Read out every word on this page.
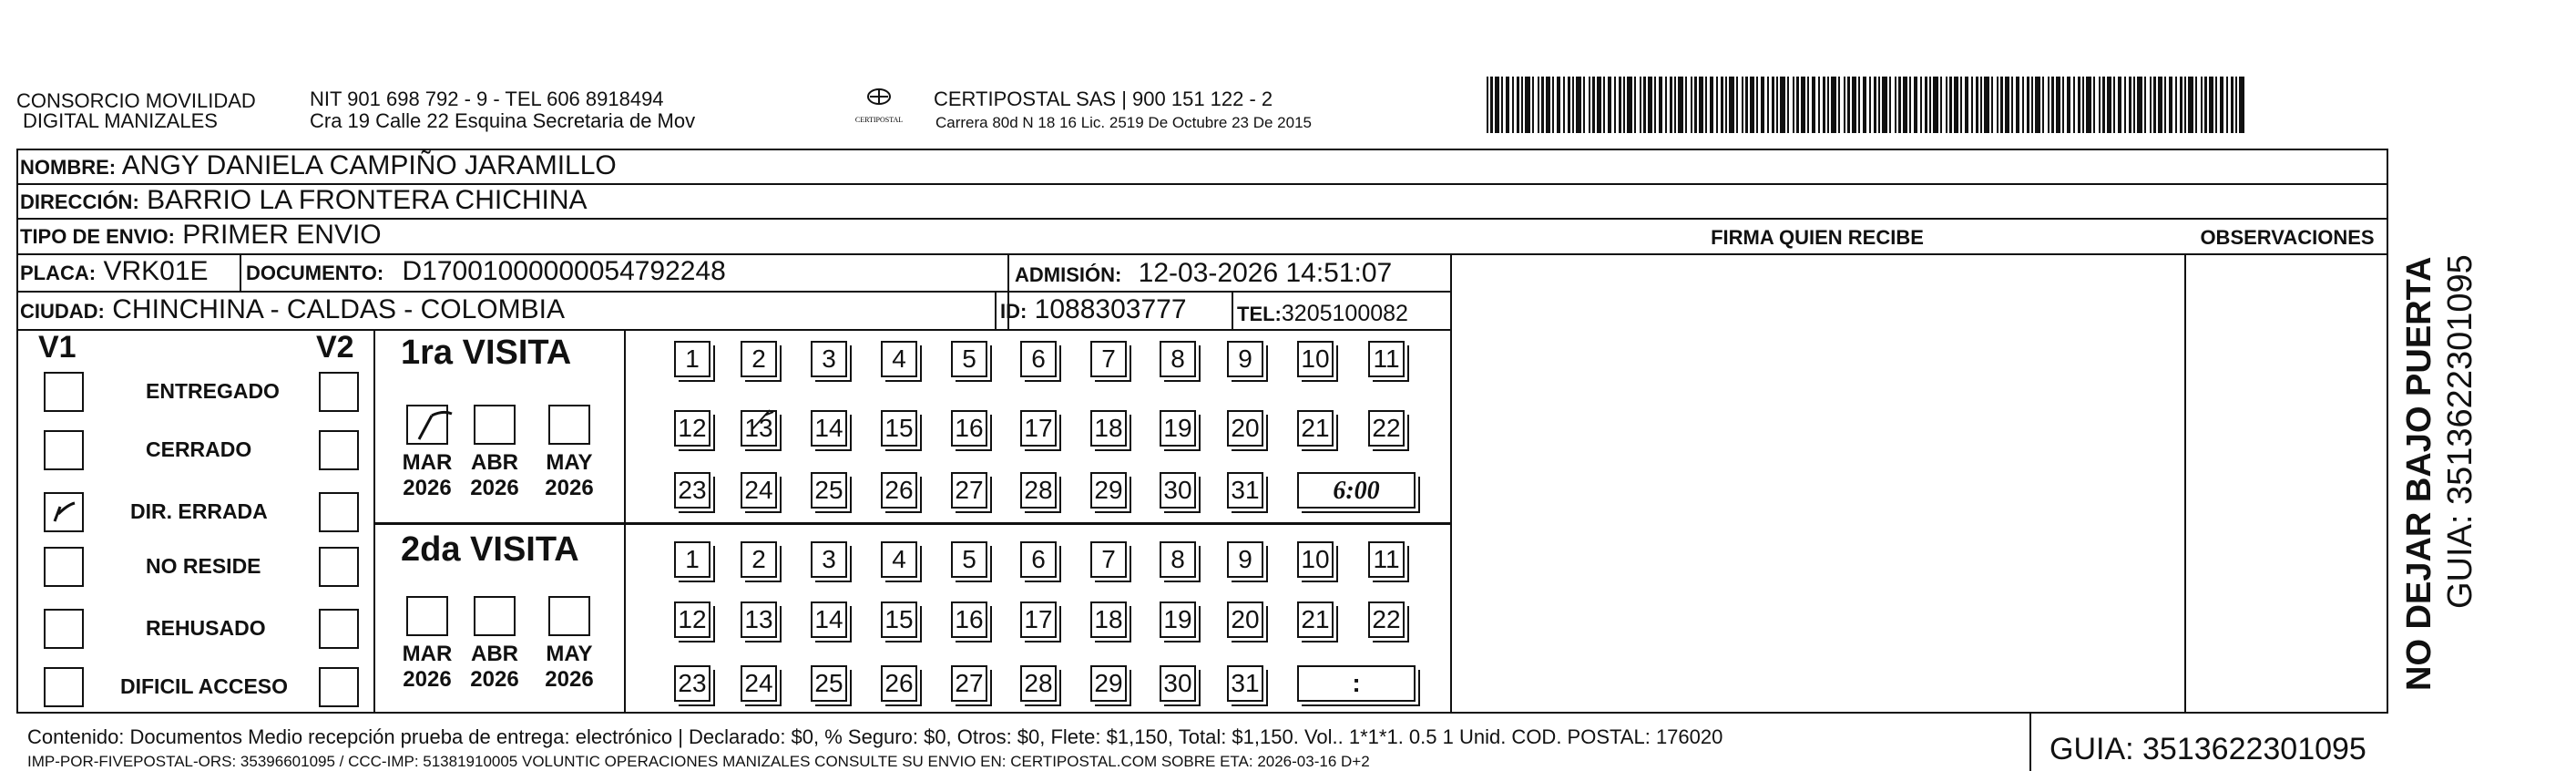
CONSORCIO MOVILIDAD
DIGITAL MANIZALES
NIT 901 698 792 - 9 - TEL 606 8918494
Cra 19 Calle 22 Esquina Secretaria de Mov	CERTIPOSTAL
CERTIPOSTAL SAS | 900 151 122 - 2
Carrera 80d N 18 16 Lic. 2519 De Octubre 23 De 2015
NOMBRE: ANGY DANIELA CAMPIÑO JARAMILLO
DIRECCIÓN: BARRIO LA FRONTERA CHICHINA
TIPO DE ENVIO: PRIMER ENVIO	FIRMA QUIEN RECIBE	OBSERVACIONES
PLACA: VRK01E DOCUMENTO: D17001000000054792248	ADMISIÓN: 12-03-2026 14:51:07
CIUDAD: CHINCHINA - CALDAS - COLOMBIA	ID: 1088303777	TEL:3205100082
V1	V2
ENTREGADO
CERRADO
DIR. ERRADA
NO RESIDE
REHUSADO
DIFICIL ACCESO
1ra VISITA
2da VISITA
MAR
2026
ABR
2026
MAY
2026
MAR
2026
ABR
2026
MAY
2026
1	2	3	4	5	6	7	8	9	10 11
12 13 14 15 16 17 18 19 20 21 22
23 24 25 26 27 28 29 30 31	6:00
1	2	3	4	5	6	7	8	9	10 11
12 13 14 15 16 17 18 19 20 21 22
23 24 25 26 27 28 29 30 31	:	NO DEJAR BAJO PUERTA GUIA: 3513622301095
Contenido: Documentos Medio recepción prueba de entrega: electrónico | Declarado: $0, % Seguro: $0, Otros: $0, Flete: $1,150, Total: $1,150. Vol.. 1*1*1. 0.5 1 Unid. COD. POSTAL: 176020
IMP-POR-FIVEPOSTAL-ORS: 35396601095 / CCC-IMP: 51381910005 VOLUNTIC OPERACIONES MANIZALES CONSULTE SU ENVIO EN: CERTIPOSTAL.COM SOBRE ETA: 2026-03-16 D+2	GUIA: 3513622301095
